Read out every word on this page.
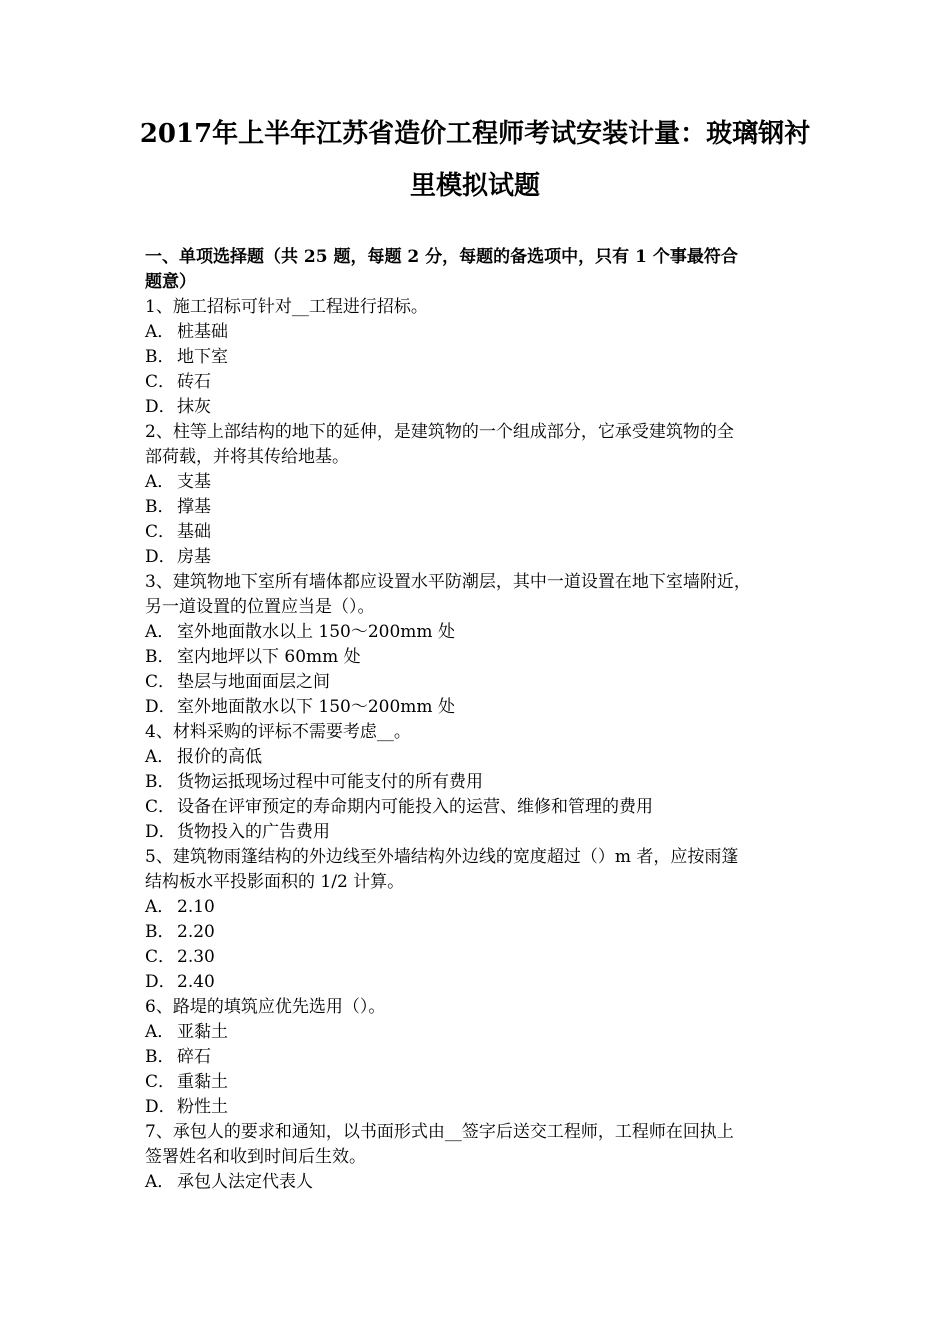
2017年上半年江苏省造价工程师考试安装计量：玻璃钢衬
里模拟试题

一、单项选择题（共 25 题，每题 2 分，每题的备选项中，只有 1 个事最符合

题意）

1、施工招标可针对__工程进行招标。

A． 桩基础

B． 地下室

C． 砖石

D．抹灰

2、柱等上部结构的地下的延伸，是建筑物的一个组成部分，它承受建筑物的全

部荷载，并将其传给地基。

A． 支基

B． 撑基

C． 基础

D．房基

3、建筑物地下室所有墙体都应设置水平防潮层，其中一道设置在地下室墙附近，

另一道设置的位置应当是（）。

A． 室外地面散水以上 150～200mm 处

B． 室内地坪以下 60mm 处

C． 垫层与地面面层之间

D．室外地面散水以下 150～200mm 处

4、材料采购的评标不需要考虑__。

A． 报价的高低

B． 货物运抵现场过程中可能支付的所有费用

C． 设备在评审预定的寿命期内可能投入的运营、维修和管理的费用

D．货物投入的广告费用

5、建筑物雨篷结构的外边线至外墙结构外边线的宽度超过（）m 者，应按雨篷

结构板水平投影面积的 1/2 计算。

A． 2.10

B． 2.20

C． 2.30

D．2.40

6、路堤的填筑应优先选用（）。

A． 亚黏土

B． 碎石

C． 重黏土

D．粉性土

7、承包人的要求和通知，以书面形式由__签字后送交工程师，工程师在回执上

签署姓名和收到时间后生效。

A． 承包人法定代表人
